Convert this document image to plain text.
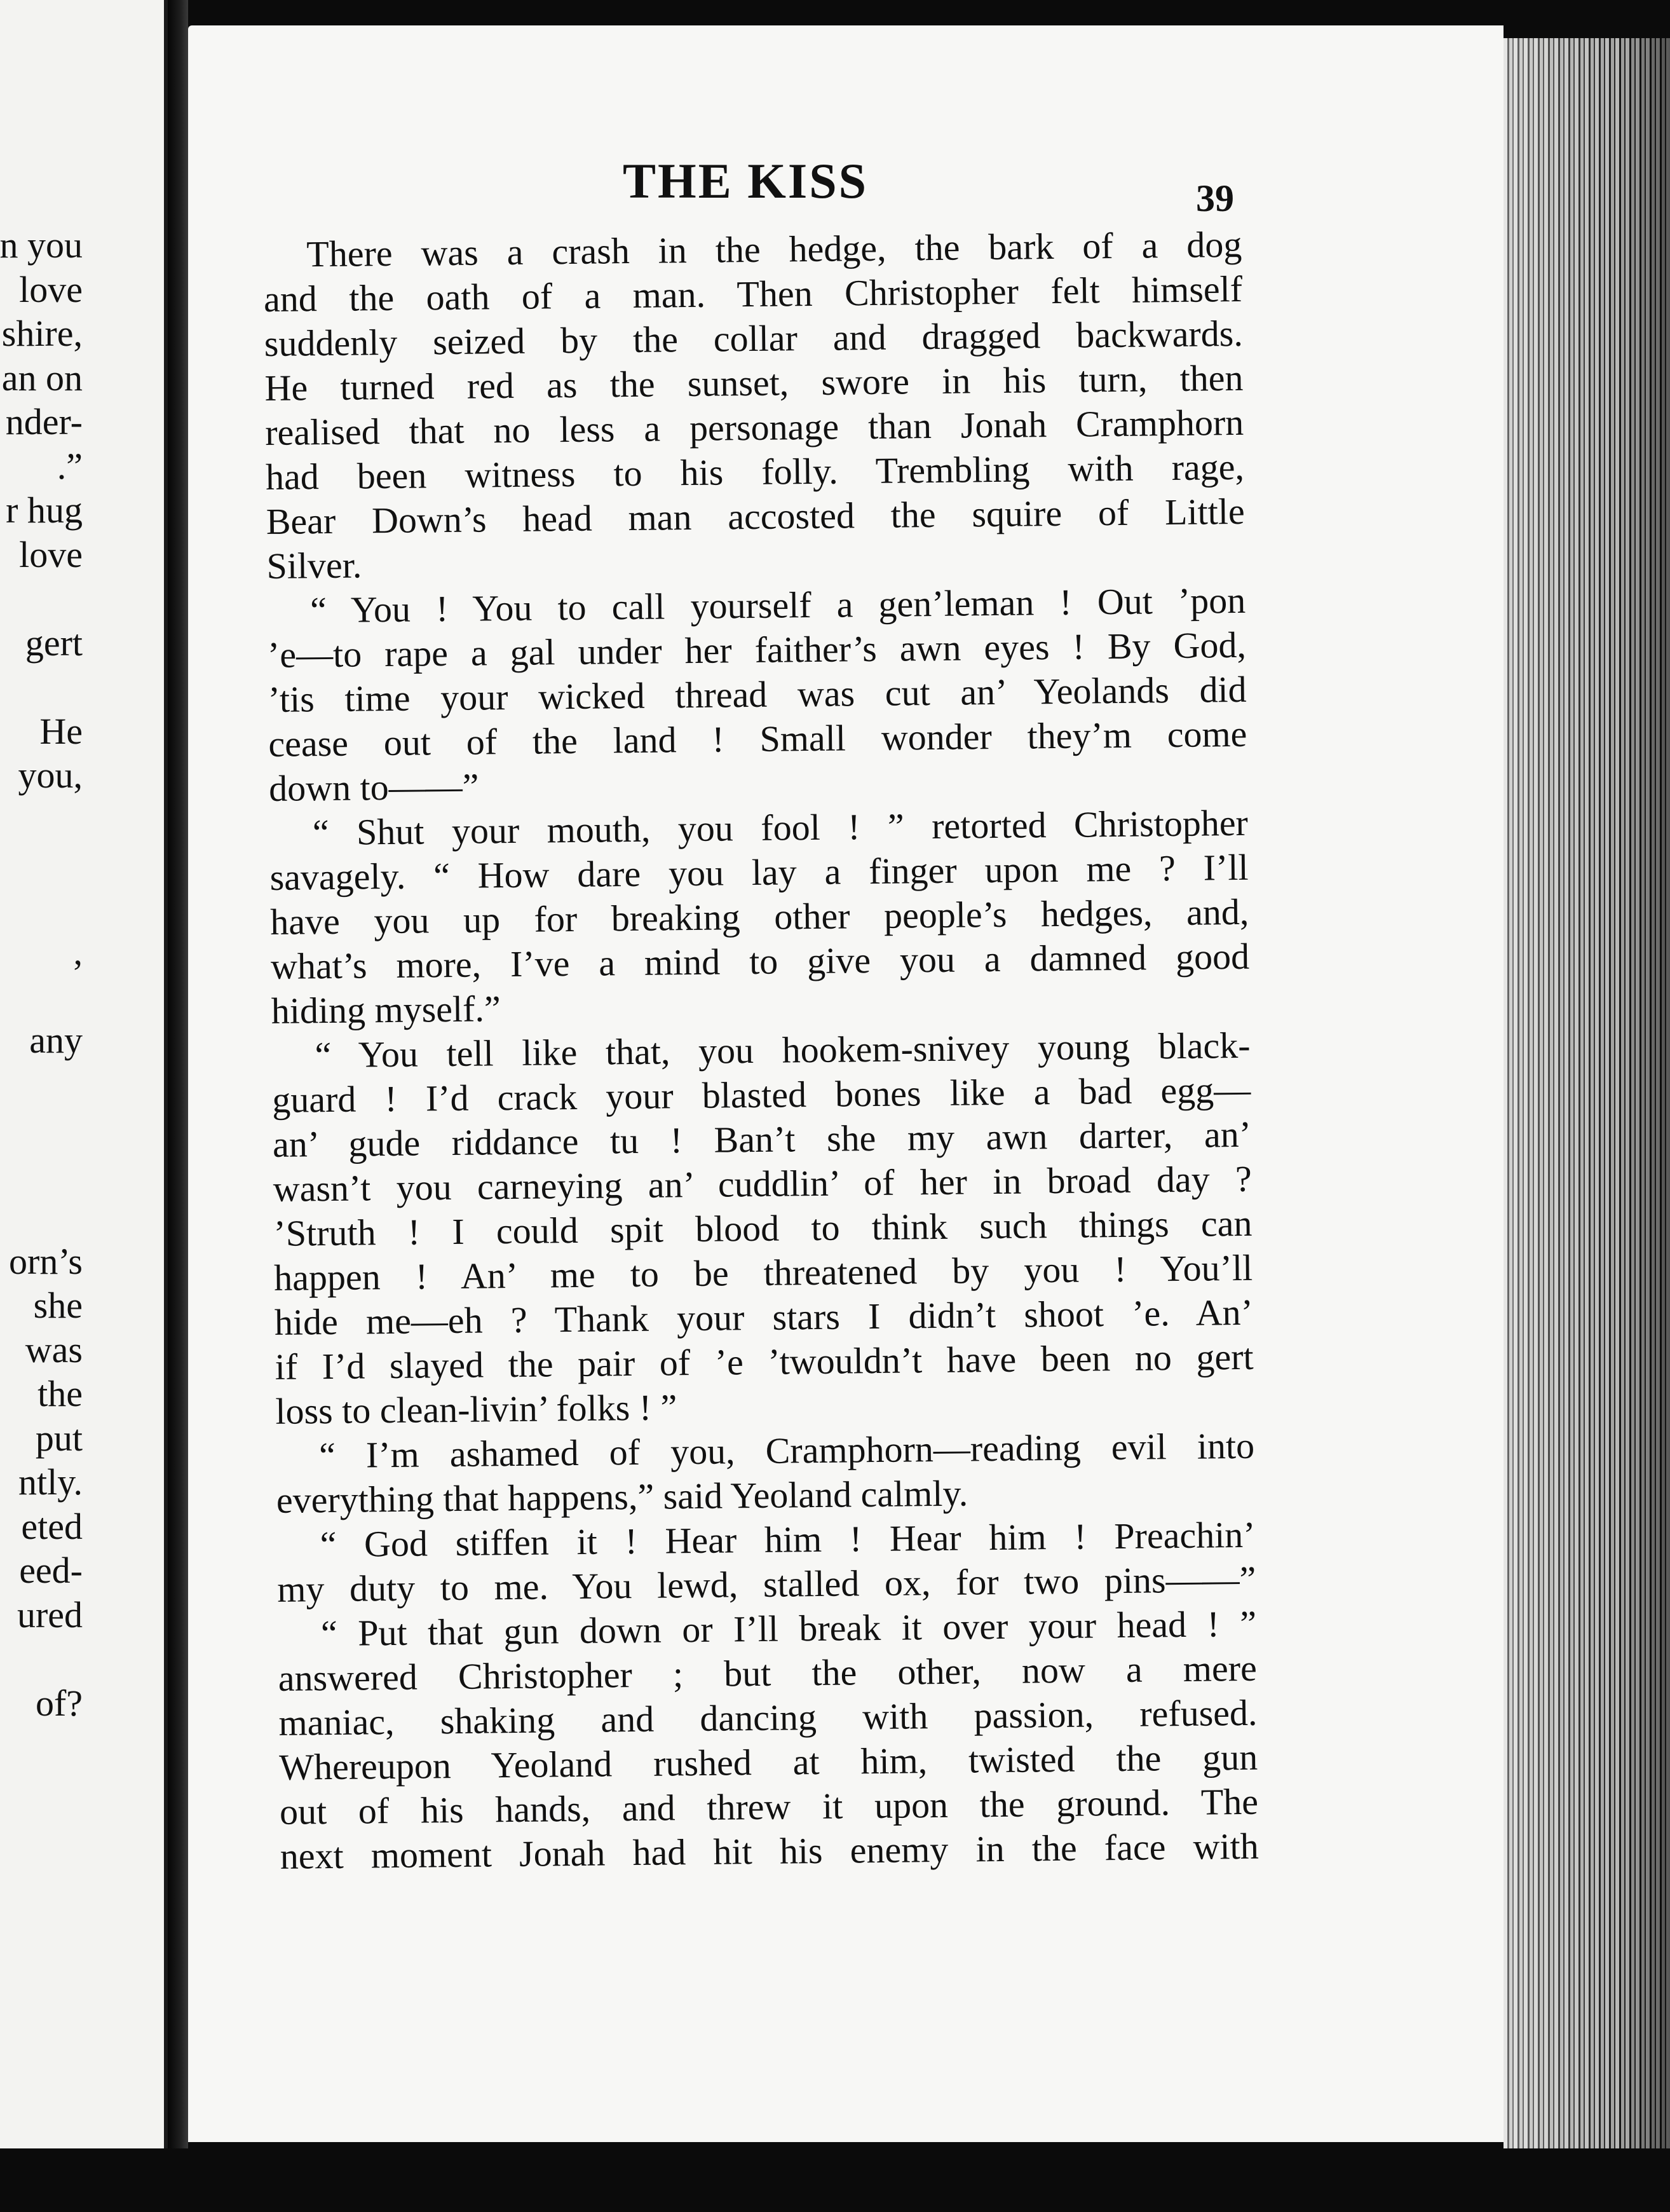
n you
love
shire,
an on
nder-
.”
r hug
love
gert
He
you,
,
any
orn’s
she
was
the
put
ntly.
eted
eed-
ured
of?
THE KISS	39
There was a crash in the hedge, the bark of a dog
and the oath of a man. Then Christopher felt himself
suddenly seized by the collar and dragged backwards.
He turned red as the sunset, swore in his turn, then
realised that no less a personage than Jonah Cramphorn
had been witness to his folly. Trembling with rage,
Bear Down’s head man accosted the squire of Little
Silver.
“ You ! You to call yourself a gen’leman ! Out ’pon
’e—to rape a gal under her faither’s awn eyes ! By God,
’tis time your wicked thread was cut an’ Yeolands did
cease out of the land ! Small wonder they’m come
down to——”
“ Shut your mouth, you fool ! ” retorted Christopher
savagely. “ How dare you lay a finger upon me ? I’ll
have you up for breaking other people’s hedges, and,
what’s more, I’ve a mind to give you a damned good
hiding myself.”
“ You tell like that, you hookem-snivey young black-
guard ! I’d crack your blasted bones like a bad egg—
an’ gude riddance tu ! Ban’t she my awn darter, an’
wasn’t you carneying an’ cuddlin’ of her in broad day ?
’Struth ! I could spit blood to think such things can
happen ! An’ me to be threatened by you ! You’ll
hide me—eh ? Thank your stars I didn’t shoot ’e. An’
if I’d slayed the pair of ’e ’twouldn’t have been no gert
loss to clean-livin’ folks ! ”
“ I’m ashamed of you, Cramphorn—reading evil into
everything that happens,” said Yeoland calmly.
“ God stiffen it ! Hear him ! Hear him ! Preachin’
my duty to me. You lewd, stalled ox, for two pins——”
“ Put that gun down or I’ll break it over your head ! ”
answered Christopher ; but the other, now a mere
maniac, shaking and dancing with passion, refused.
Whereupon Yeoland rushed at him, twisted the gun
out of his hands, and threw it upon the ground. The
next moment Jonah had hit his enemy in the face with
